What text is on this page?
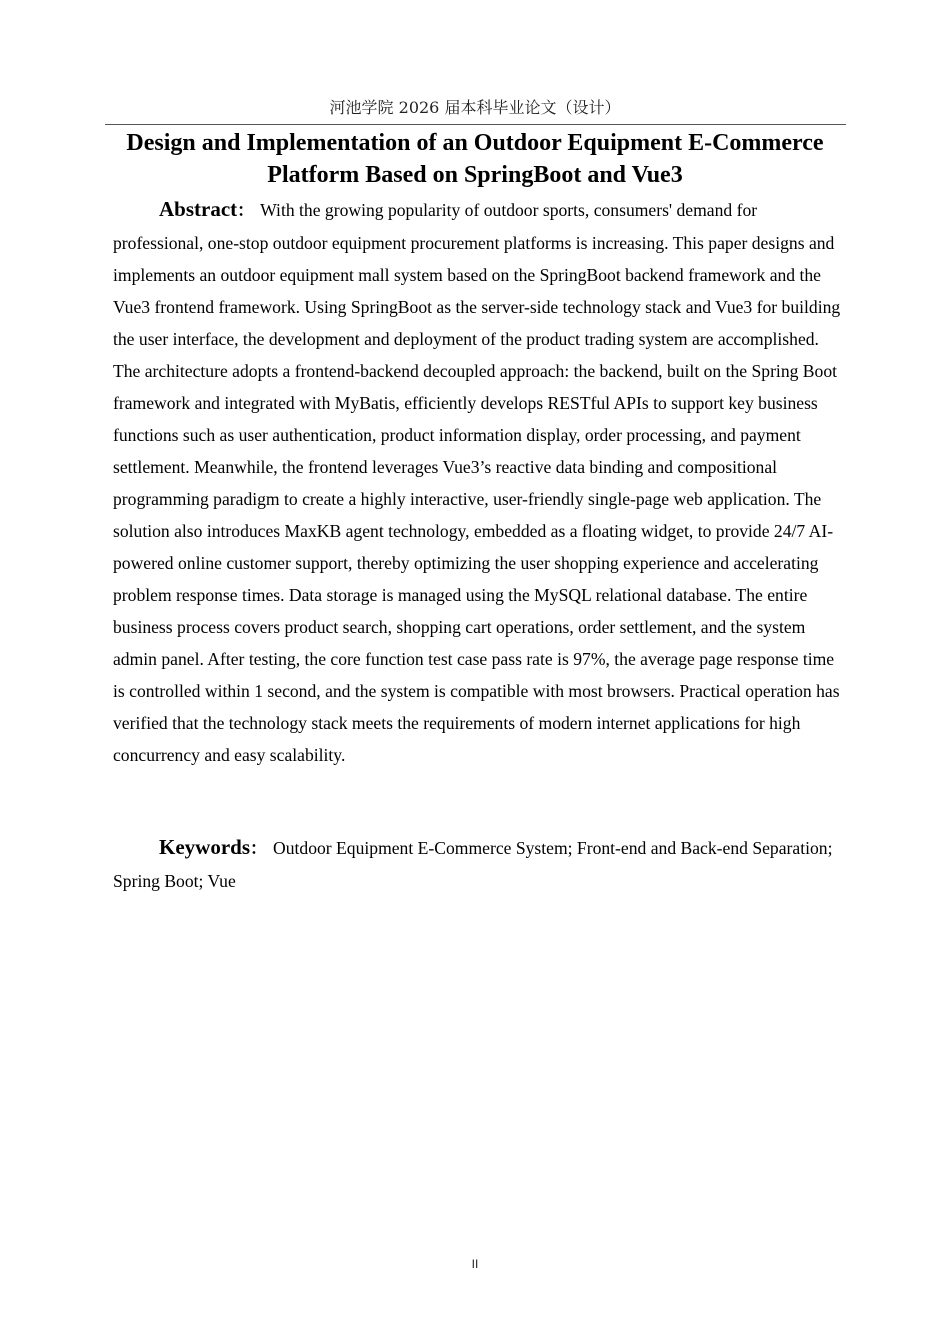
河池学院 2026 届本科毕业论文（设计）
Design and Implementation of an Outdoor Equipment E-Commerce Platform Based on SpringBoot and Vue3

Abstract： With the growing popularity of outdoor sports, consumers' demand for professional, one-stop outdoor equipment procurement platforms is increasing. This paper designs and implements an outdoor equipment mall system based on the SpringBoot backend framework and the Vue3 frontend framework. Using SpringBoot as the server-side technology stack and Vue3 for building the user interface, the development and deployment of the product trading system are accomplished. The architecture adopts a frontend-backend decoupled approach: the backend, built on the Spring Boot framework and integrated with MyBatis, efficiently develops RESTful APIs to support key business functions such as user authentication, product information display, order processing, and payment settlement. Meanwhile, the frontend leverages Vue3’s reactive data binding and compositional programming paradigm to create a highly interactive, user-friendly single-page web application. The solution also introduces MaxKB agent technology, embedded as a floating widget, to provide 24/7 AI-powered online customer support, thereby optimizing the user shopping experience and accelerating problem response times. Data storage is managed using the MySQL relational database. The entire business process covers product search, shopping cart operations, order settlement, and the system admin panel. After testing, the core function test case pass rate is 97%, the average page response time is controlled within 1 second, and the system is compatible with most browsers. Practical operation has verified that the technology stack meets the requirements of modern internet applications for high concurrency and easy scalability.

Keywords： Outdoor Equipment E-Commerce System; Front-end and Back-end Separation; Spring Boot; Vue

II
